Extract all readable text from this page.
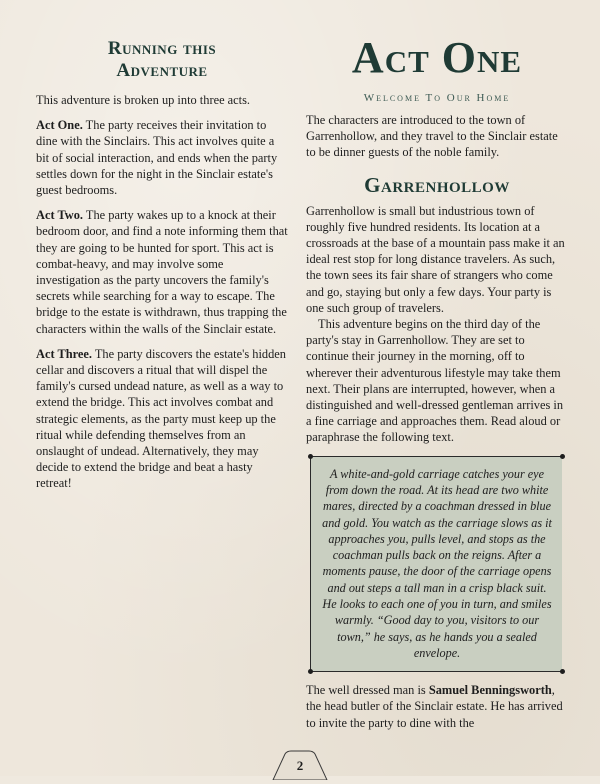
Running this
Adventure

This adventure is broken up into three acts.

Act One. The party receives their invitation to dine with the Sinclairs. This act involves quite a bit of social interaction, and ends when the party settles down for the night in the Sinclair estate's guest bedrooms.

Act Two. The party wakes up to a knock at their bedroom door, and find a note informing them that they are going to be hunted for sport. This act is combat-heavy, and may involve some investigation as the party uncovers the family's secrets while searching for a way to escape. The bridge to the estate is withdrawn, thus trapping the characters within the walls of the Sinclair estate.

Act Three. The party discovers the estate's hidden cellar and discovers a ritual that will dispel the family's cursed undead nature, as well as a way to extend the bridge. This act involves combat and strategic elements, as the party must keep up the ritual while defending themselves from an onslaught of undead. Alternatively, they may decide to extend the bridge and beat a hasty retreat!

Act One
Welcome To Our Home

The characters are introduced to the town of Garrenhollow, and they travel to the Sinclair estate to be dinner guests of the noble family.

Garrenhollow

Garrenhollow is small but industrious town of roughly five hundred residents. Its location at a crossroads at the base of a mountain pass make it an ideal rest stop for long distance travelers. As such, the town sees its fair share of strangers who come and go, staying but only a few days. Your party is one such group of travelers.

This adventure begins on the third day of the party's stay in Garrenhollow. They are set to continue their journey in the morning, off to wherever their adventurous lifestyle may take them next. Their plans are interrupted, however, when a distinguished and well-dressed gentleman arrives in a fine carriage and approaches them. Read aloud or paraphrase the following text.

A white-and-gold carriage catches your eye from down the road. At its head are two white mares, directed by a coachman dressed in blue and gold. You watch as the carriage slows as it approaches you, pulls level, and stops as the coachman pulls back on the reigns. After a moments pause, the door of the carriage opens and out steps a tall man in a crisp black suit. He looks to each one of you in turn, and smiles warmly. “Good day to you, visitors to our town,” he says, as he hands you a sealed envelope.

The well dressed man is Samuel Benningsworth, the head butler of the Sinclair estate. He has arrived to invite the party to dine with the

2
